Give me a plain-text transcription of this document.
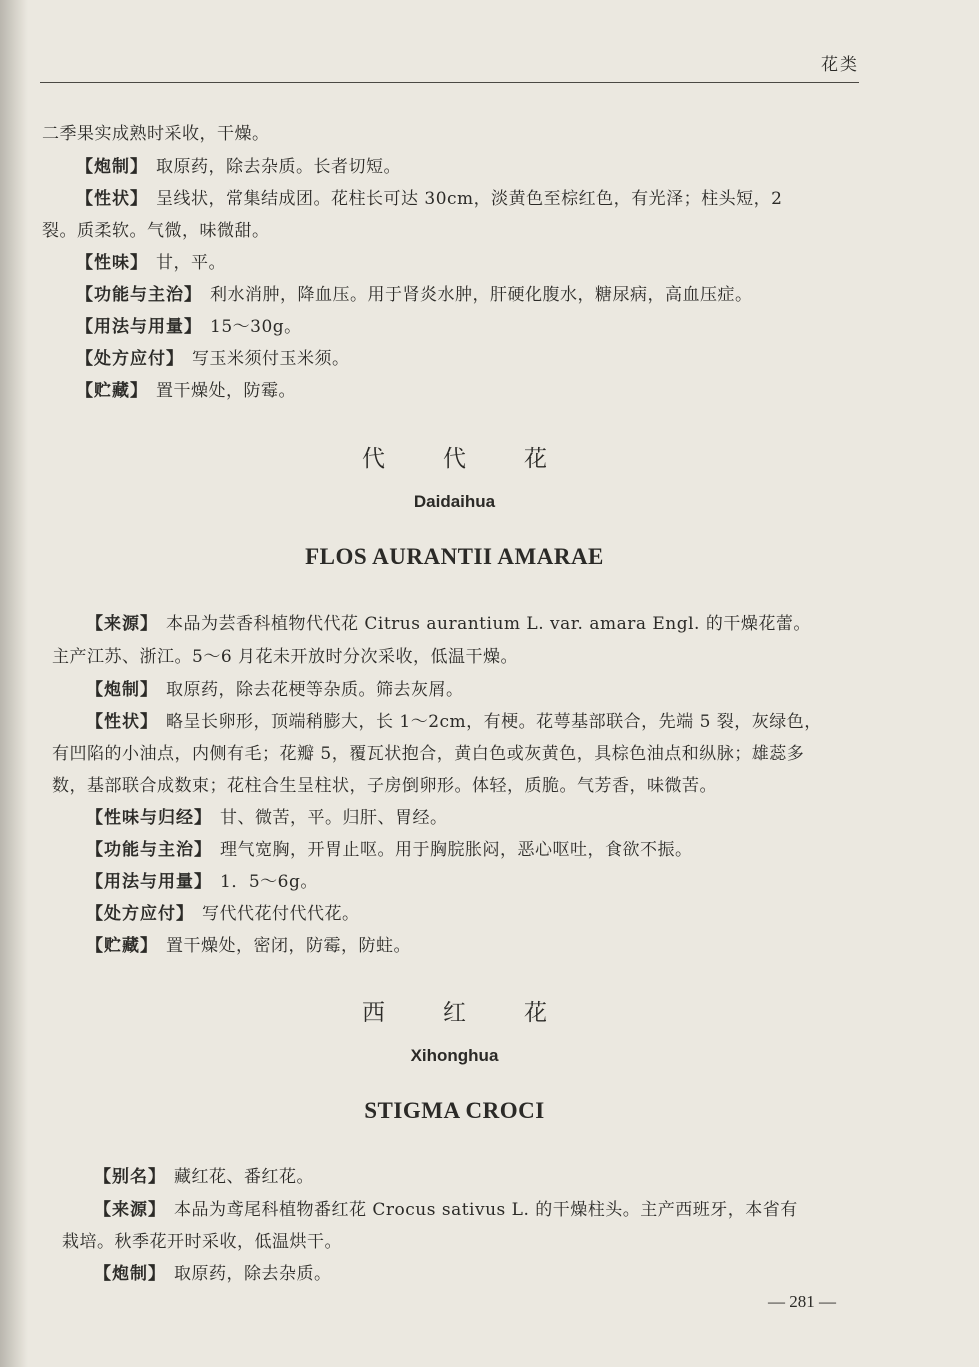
花类
二季果实成熟时采收，干燥。
【炮制】 取原药，除去杂质。长者切短。
【性状】 呈线状，常集结成团。花柱长可达 30cm，淡黄色至棕红色，有光泽；柱头短，2
裂。质柔软。气微，味微甜。
【性味】 甘，平。
【功能与主治】 利水消肿，降血压。用于肾炎水肿，肝硬化腹水，糖尿病，高血压症。
【用法与用量】 15～30g。
【处方应付】 写玉米须付玉米须。
【贮藏】 置干燥处，防霉。
代代花
Daidaihua
FLOS AURANTII AMARAE
【来源】 本品为芸香科植物代代花 Citrus aurantium L. var. amara Engl. 的干燥花蕾。
主产江苏、浙江。5～6 月花未开放时分次采收，低温干燥。
【炮制】 取原药，除去花梗等杂质。筛去灰屑。
【性状】 略呈长卵形，顶端稍膨大，长 1～2cm，有梗。花萼基部联合，先端 5 裂，灰绿色，
有凹陷的小油点，内侧有毛；花瓣 5，覆瓦状抱合，黄白色或灰黄色，具棕色油点和纵脉；雄蕊多
数，基部联合成数束；花柱合生呈柱状，子房倒卵形。体轻，质脆。气芳香，味微苦。
【性味与归经】 甘、微苦，平。归肝、胃经。
【功能与主治】 理气宽胸，开胃止呕。用于胸脘胀闷，恶心呕吐，食欲不振。
【用法与用量】 1．5～6g。
【处方应付】 写代代花付代代花。
【贮藏】 置干燥处，密闭，防霉，防蛀。
西红花
Xihonghua
STIGMA CROCI
【别名】 藏红花、番红花。
【来源】 本品为鸢尾科植物番红花 Crocus sativus L. 的干燥柱头。主产西班牙，本省有
栽培。秋季花开时采收，低温烘干。
【炮制】 取原药，除去杂质。
— 281 —
